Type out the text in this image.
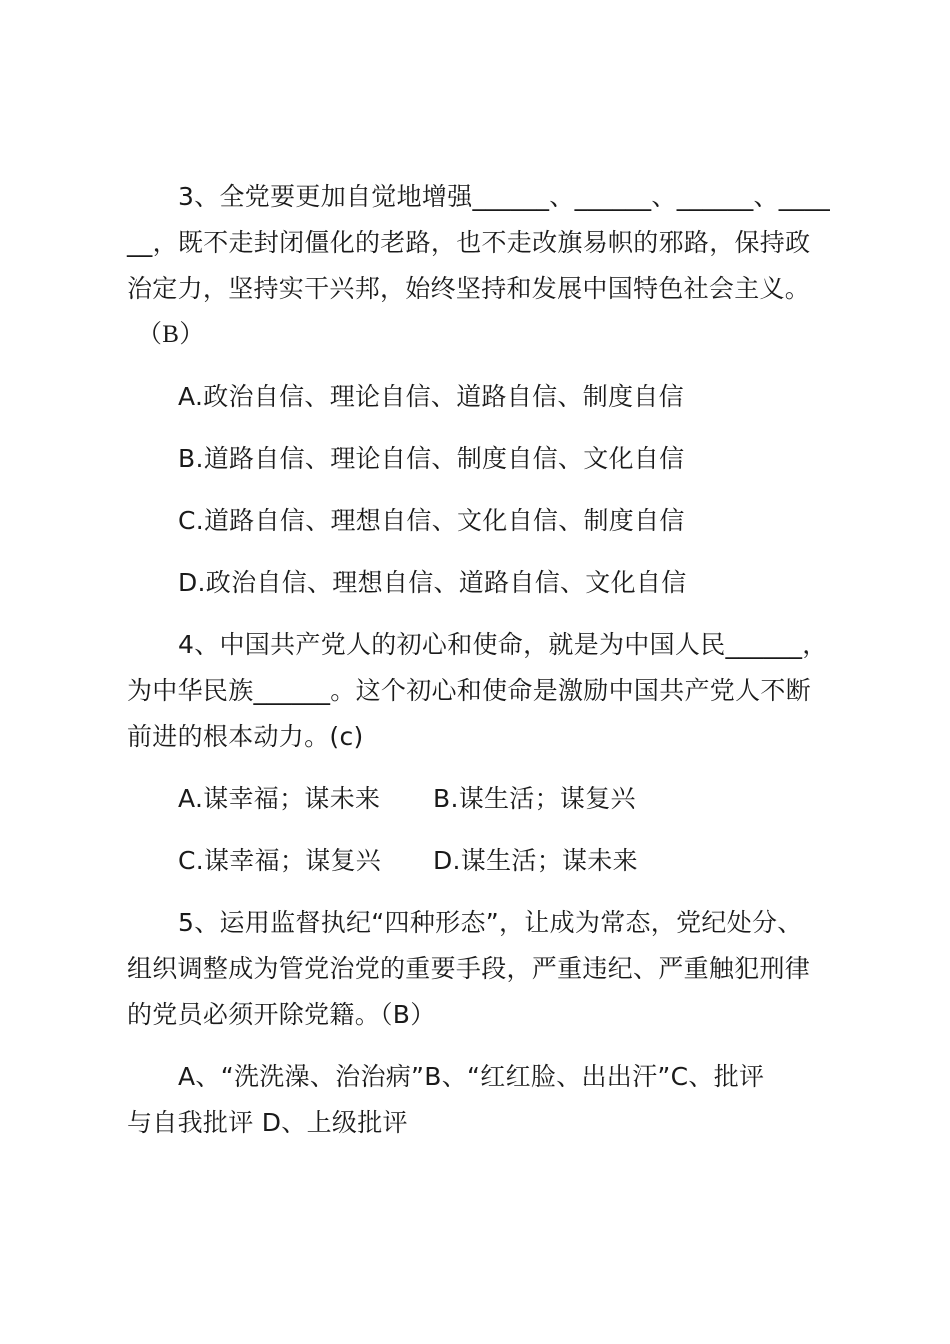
3、全党要更加自觉地增强______、______、______、____
__，既不走封闭僵化的老路，也不走改旗易帜的邪路，保持政
治定力，坚持实干兴邦，始终坚持和发展中国特色社会主义。
（B）
A.政治自信、理论自信、道路自信、制度自信
B.道路自信、理论自信、制度自信、文化自信
C.道路自信、理想自信、文化自信、制度自信
D.政治自信、理想自信、道路自信、文化自信
4、中国共产党人的初心和使命，就是为中国人民______，
为中华民族______。这个初心和使命是激励中国共产党人不断
前进的根本动力。(c)
A.谋幸福；谋未来 B.谋生活；谋复兴
C.谋幸福；谋复兴 D.谋生活；谋未来
5、运用监督执纪“四种形态”，让成为常态，党纪处分、
组织调整成为管党治党的重要手段，严重违纪、严重触犯刑律
的党员必须开除党籍。（B）
A、“洗洗澡、治治病”B、“红红脸、出出汗”C、批评
与自我批评 D、上级批评
